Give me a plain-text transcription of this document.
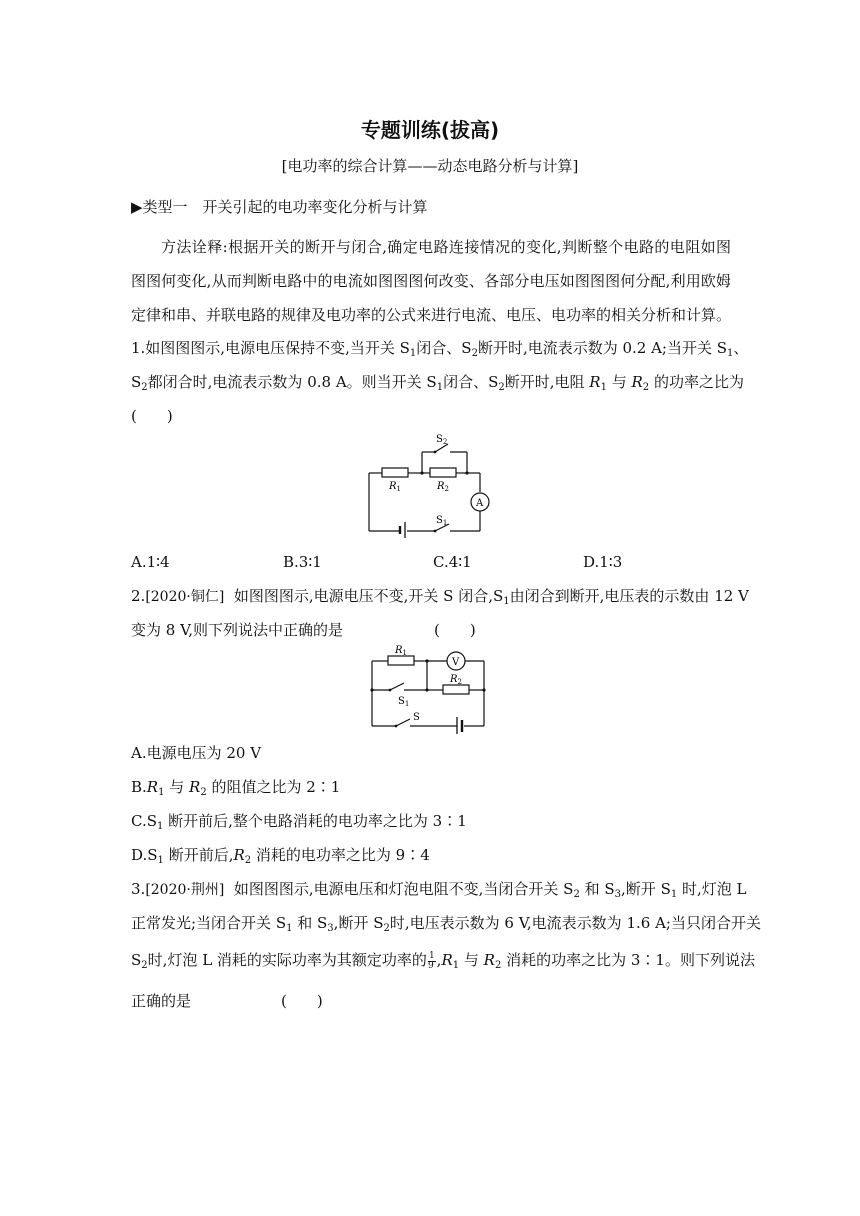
专题训练(拔高)
[电功率的综合计算——动态电路分析与计算]
▶类型一　开关引起的电功率变化分析与计算
方法诠释:根据开关的断开与闭合,确定电路连接情况的变化,判断整个电路的电阻如图
图图何变化,从而判断电路中的电流如图图图何改变、各部分电压如图图图何分配,利用欧姆
定律和串、并联电路的规律及电功率的公式来进行电流、电压、电功率的相关分析和计算。
1.如图图图示,电源电压保持不变,当开关 $S_1$闭合、$S_2$断开时,电流表示数为 0.2 A;当开关 $S_1$、
$S_2$都闭合时,电流表示数为 0.8 A。则当开关 $S_1$闭合、$S_2$断开时,电阻 $R_1$ 与 $R_2$ 的功率之比为
(　　)
$S_2$
$R_1$	$R_2$
A
$S_1$
A.1∶4	B.3∶1	C.4∶1	D.1∶3
2.[2020·铜仁] 如图图图示,电源电压不变,开关 S 闭合$,S_1$由闭合到断开,电压表的示数由 12 V
变为 8 V,则下列说法中正确的是	(　　)
$R_1$
V
$R_2$
$S_1$
S
A.电源电压为 20 V
$B.R_1$ 与 $R_2$ 的阻值之比为 2∶1
$C.S_1$ 断开前后,整个电路消耗的电功率之比为 3∶1
$D.S_1$ 断开前后$,R_2$ 消耗的电功率之比为 9∶4
3.[2020·荆州] 如图图图示,电源电压和灯泡电阻不变,当闭合开关 $S_2$ 和 $S_3$,断开 $S_1$ 时,灯泡 L
正常发光;当闭合开关 $S_1$ 和 $S_3$,断开 $S_2$时,电压表示数为 6 V,电流表示数为 1.6 A;当只闭合开关
$S_2$时,灯泡 L 消耗的实际功率为其额定功率的 $\frac{1}{9} ,R_1$ 与 $R_2$ 消耗的功率之比为 3∶1。则下列说法
正确的是	(　　)
